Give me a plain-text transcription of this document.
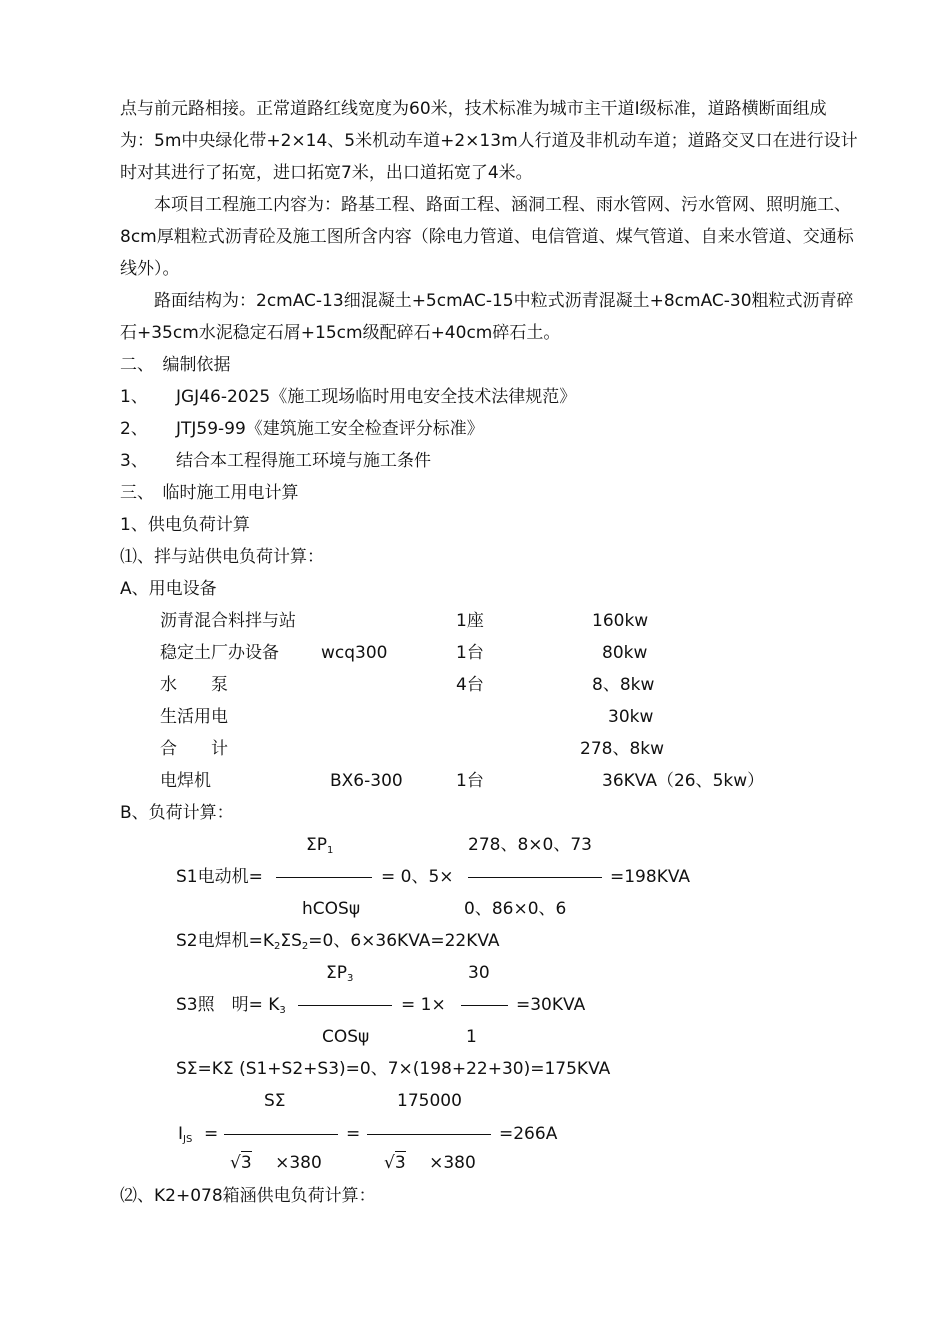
点与前元路相接。正常道路红线宽度为60米，技术标准为城市主干道Ⅰ级标准，道路横断面组成为：5m中央绿化带+2×14、5米机动车道+2×13m人行道及非机动车道；道路交叉口在进行设计时对其进行了拓宽，进口拓宽7米，出口道拓宽了4米。
本项目工程施工内容为：路基工程、路面工程、涵洞工程、雨水管网、污水管网、照明施工、8cm厚粗粒式沥青砼及施工图所含内容（除电力管道、电信管道、煤气管道、自来水管道、交通标线外）。
路面结构为：2cmAC-13细混凝土+5cmAC-15中粒式沥青混凝土+8cmAC-30粗粒式沥青碎石+35cm水泥稳定石屑+15cm级配碎石+40cm碎石土。
二、　编制依据
1、 JGJ46-2025《施工现场临时用电安全技术法律规范》
2、 JTJ59-99《建筑施工安全检查评分标准》
3、 结合本工程得施工环境与施工条件
三、　临时施工用电计算
1、供电负荷计算
⑴、拌与站供电负荷计算：
A、用电设备
沥青混合料拌与站	1座	160kw
稳定土厂办设备 wcq300	1台	80kw
水　　泵	4台	8、8kw
生活用电	30kw
合　　计	278、8kw
电焊机	BX6-300	1台	36KVA（26、5kw）
B、负荷计算：
$\Sigma P_1$	278、8×0、73
S1电动机=	= 0、5×	=198KVA
hCOSψ	0、86×0、6
S2电焊机$=K_2\Sigma S_2=0$、6×36KVA=22KVA
$\Sigma P_3$	30
S3照　明= $K_3$	= 1×	=30KVA
COSψ	1
SΣ=KΣ (S1+S2+S3)=0、7×(198+22+30)=175KVA
SΣ	175000
$I_{JS}$ =	=	=266A
√3 ×380	√3 ×380
⑵、K2+078箱涵供电负荷计算：
